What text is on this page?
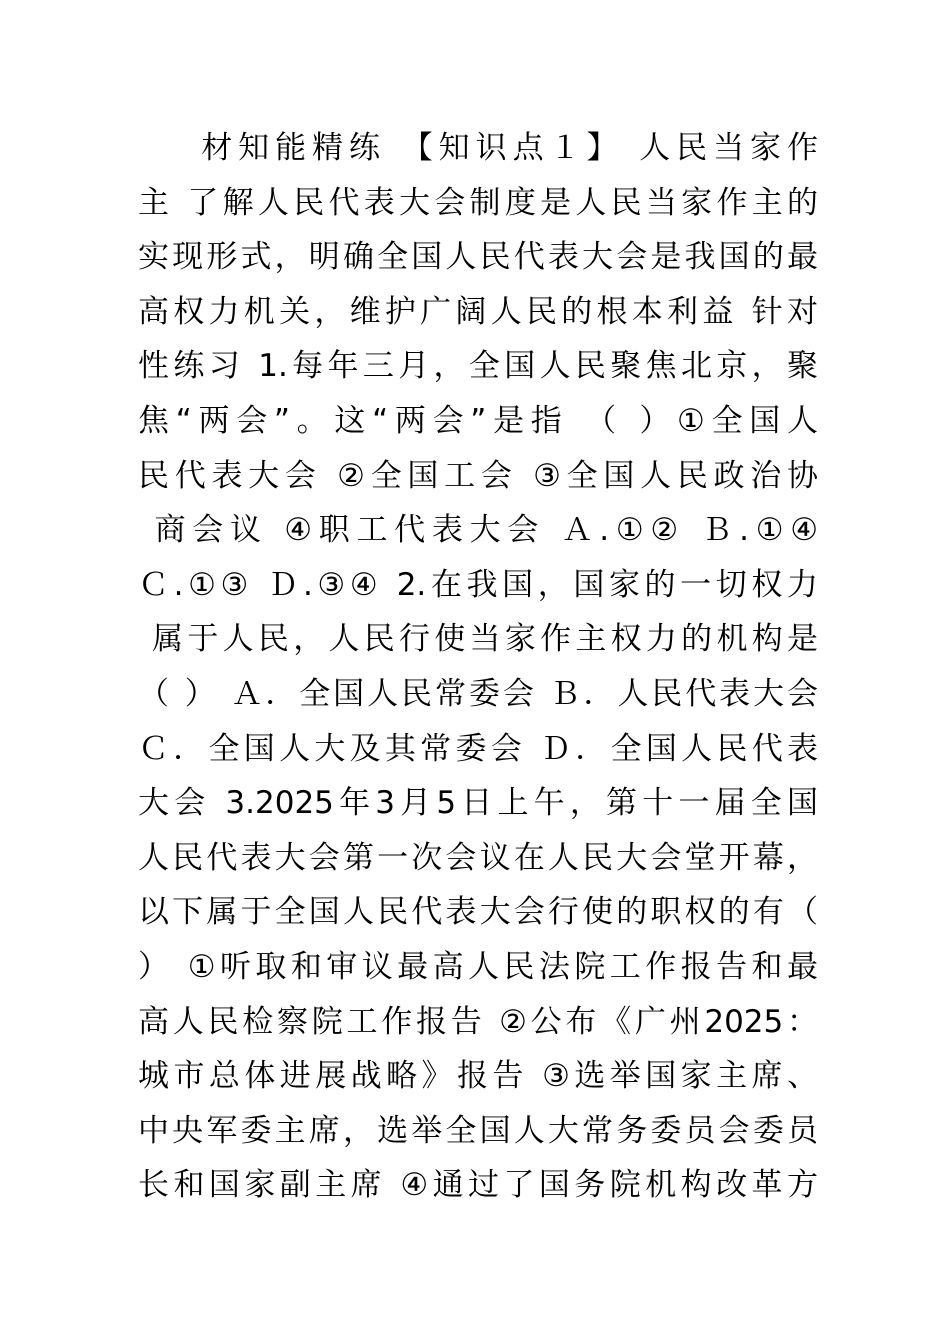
材知能精练 【知识点１】 人民当家作
主 了解人民代表大会制度是人民当家作主的
实现形式，明确全国人民代表大会是我国的最
高权力机关，维护广阔人民的根本利益 针对
性练习 1.每年三月，全国人民聚焦北京，聚
焦“两会”。这“两会”是指 （ ）①全国人
民代表大会 ②全国工会 ③全国人民政治协
商会议 ④职工代表大会 Ａ.①② Ｂ.①④
Ｃ.①③ Ｄ.③④ 2.在我国，国家的一切权力
属于人民，人民行使当家作主权力的机构是
（ ） Ａ．全国人民常委会 Ｂ．人民代表大会
Ｃ．全国人大及其常委会 Ｄ．全国人民代表
大会 3.2025年3月5日上午，第十一届全国
人民代表大会第一次会议在人民大会堂开幕，
以下属于全国人民代表大会行使的职权的有（
） ①听取和审议最高人民法院工作报告和最
高人民检察院工作报告 ②公布《广州2025：
城市总体进展战略》报告 ③选举国家主席、
中央军委主席，选举全国人大常务委员会委员
长和国家副主席 ④通过了国务院机构改革方
